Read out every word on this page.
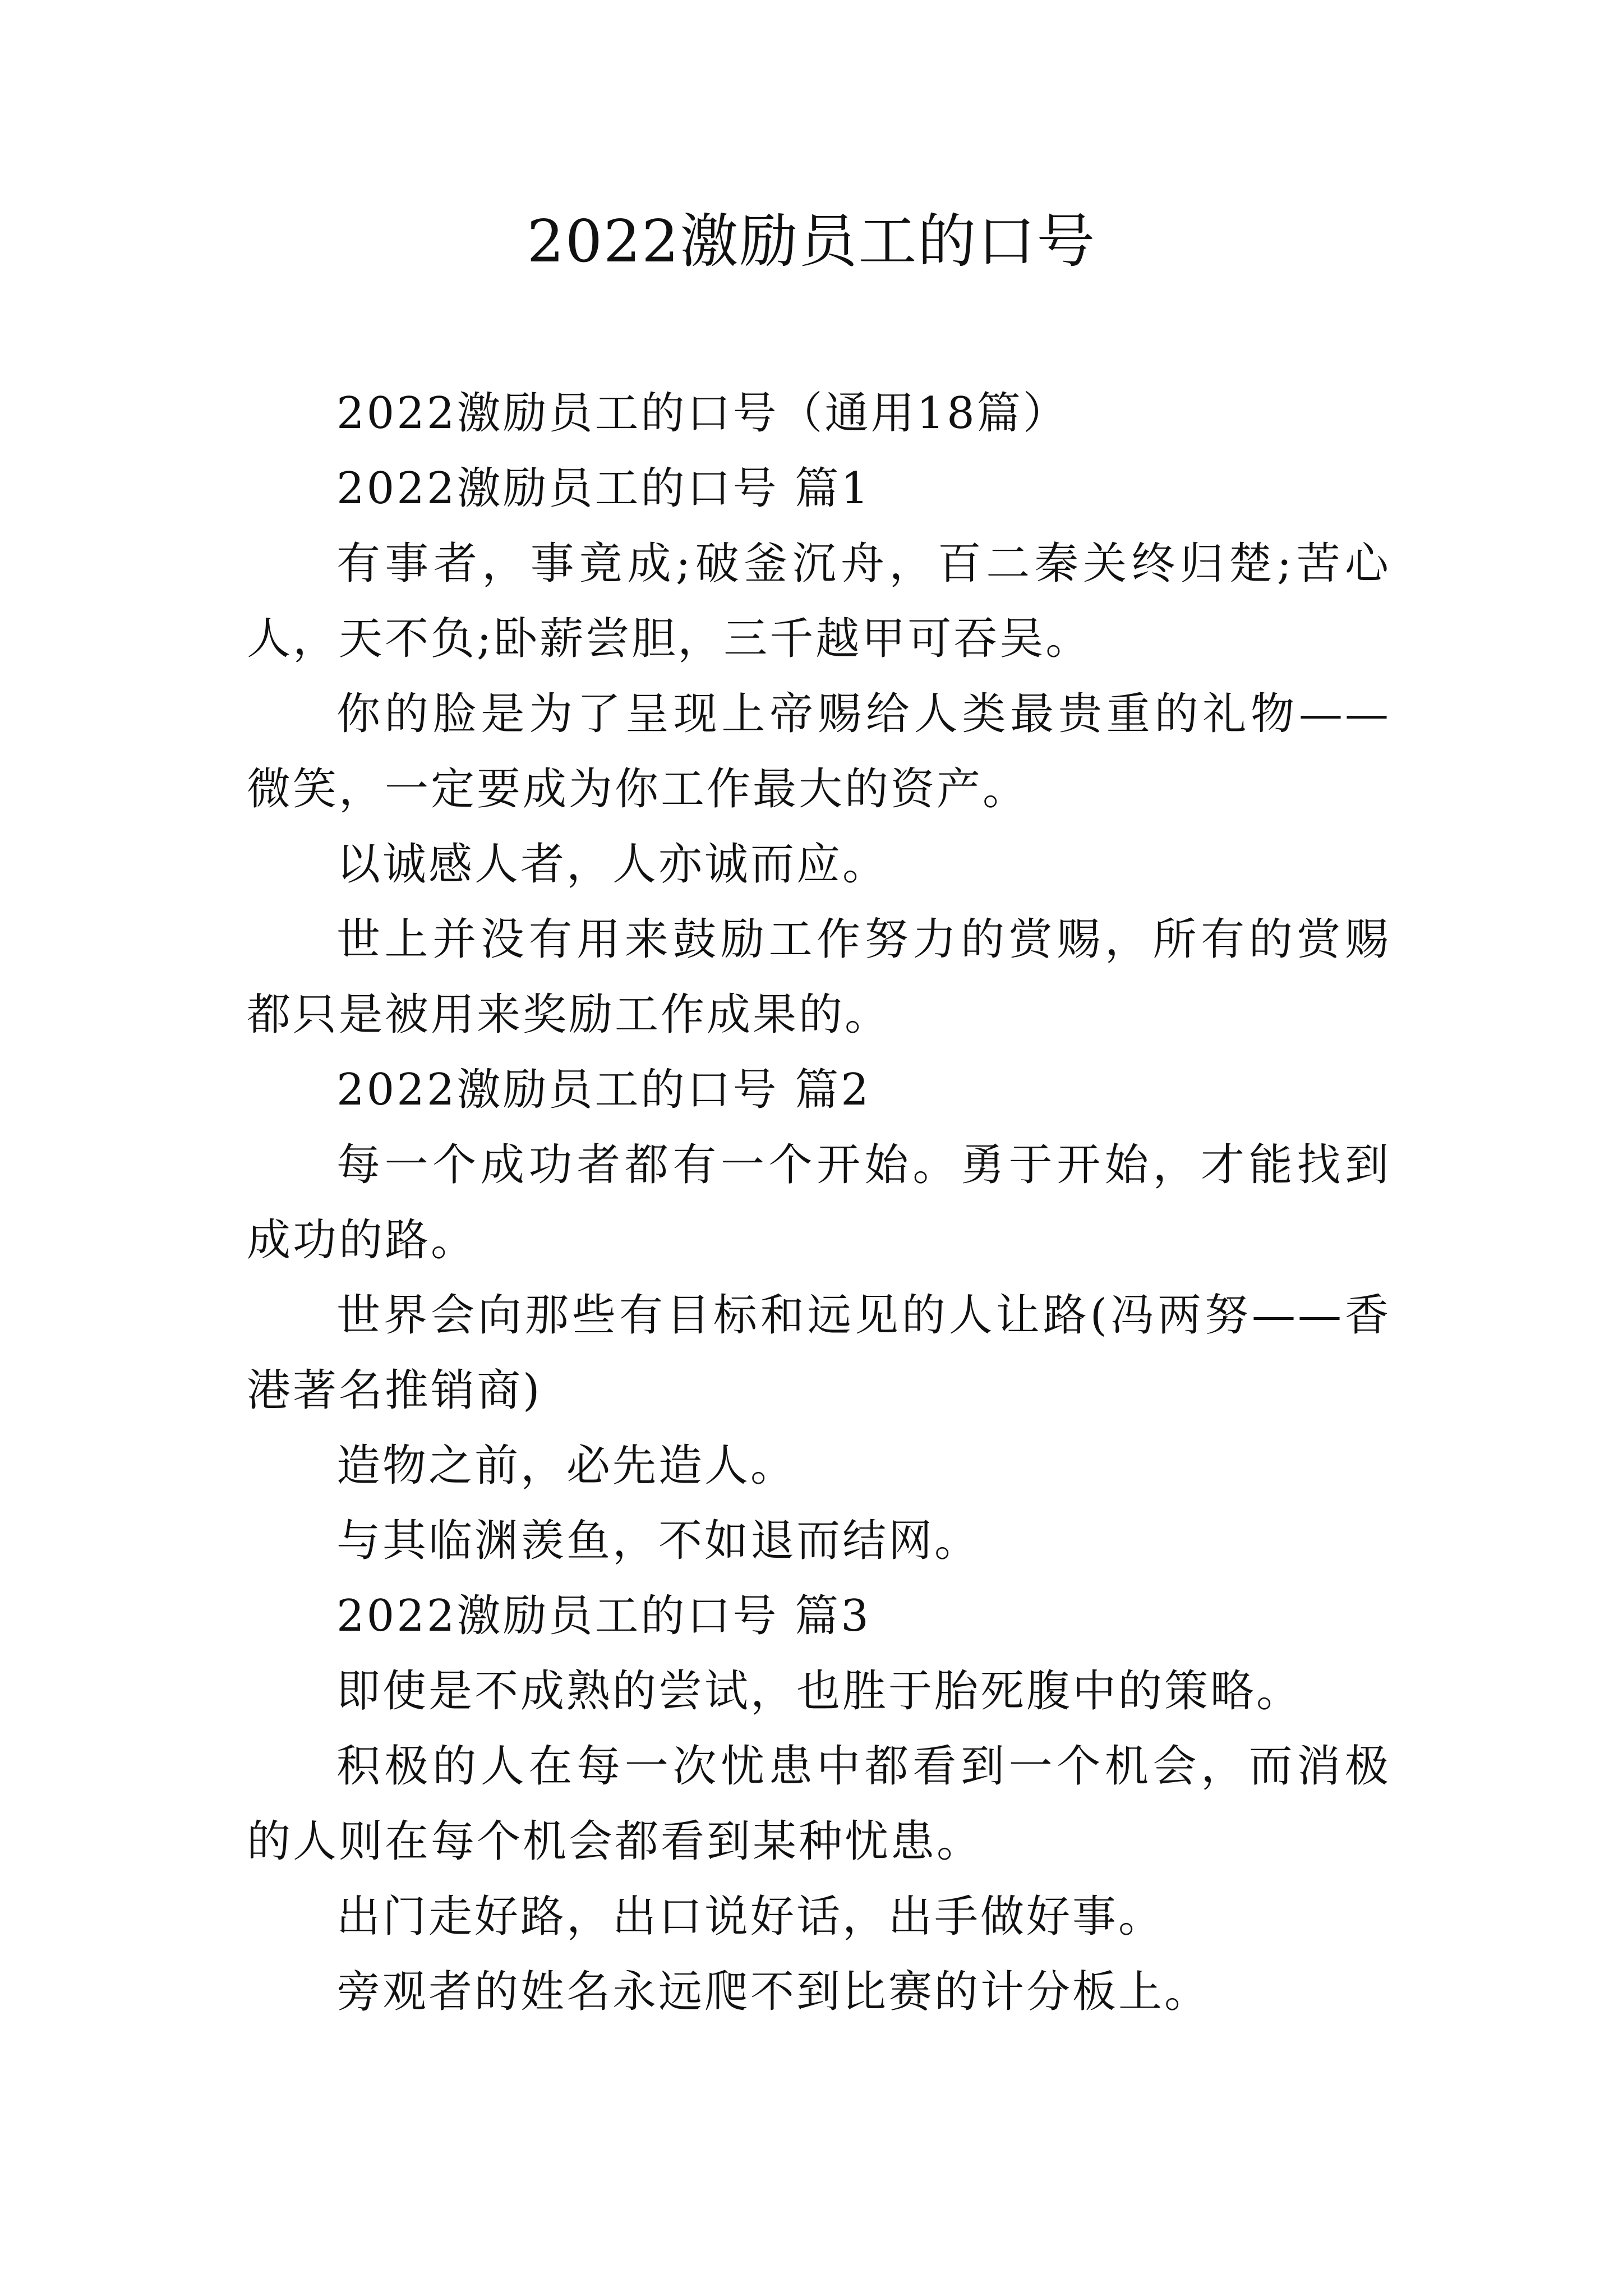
2022激励员工的口号

2022激励员工的口号（通用18篇）

2022激励员工的口号 篇1

有事者，事竟成;破釜沉舟，百二秦关终归楚;苦心人，天不负;卧薪尝胆，三千越甲可吞吴。

你的脸是为了呈现上帝赐给人类最贵重的礼物——微笑，一定要成为你工作最大的资产。

以诚感人者，人亦诚而应。

世上并没有用来鼓励工作努力的赏赐，所有的赏赐都只是被用来奖励工作成果的。

2022激励员工的口号 篇2

每一个成功者都有一个开始。勇于开始，才能找到成功的路。

世界会向那些有目标和远见的人让路(冯两努——香港著名推销商)

造物之前，必先造人。

与其临渊羡鱼，不如退而结网。

2022激励员工的口号 篇3

即使是不成熟的尝试，也胜于胎死腹中的策略。

积极的人在每一次忧患中都看到一个机会，而消极的人则在每个机会都看到某种忧患。

出门走好路，出口说好话，出手做好事。

旁观者的姓名永远爬不到比赛的计分板上。
